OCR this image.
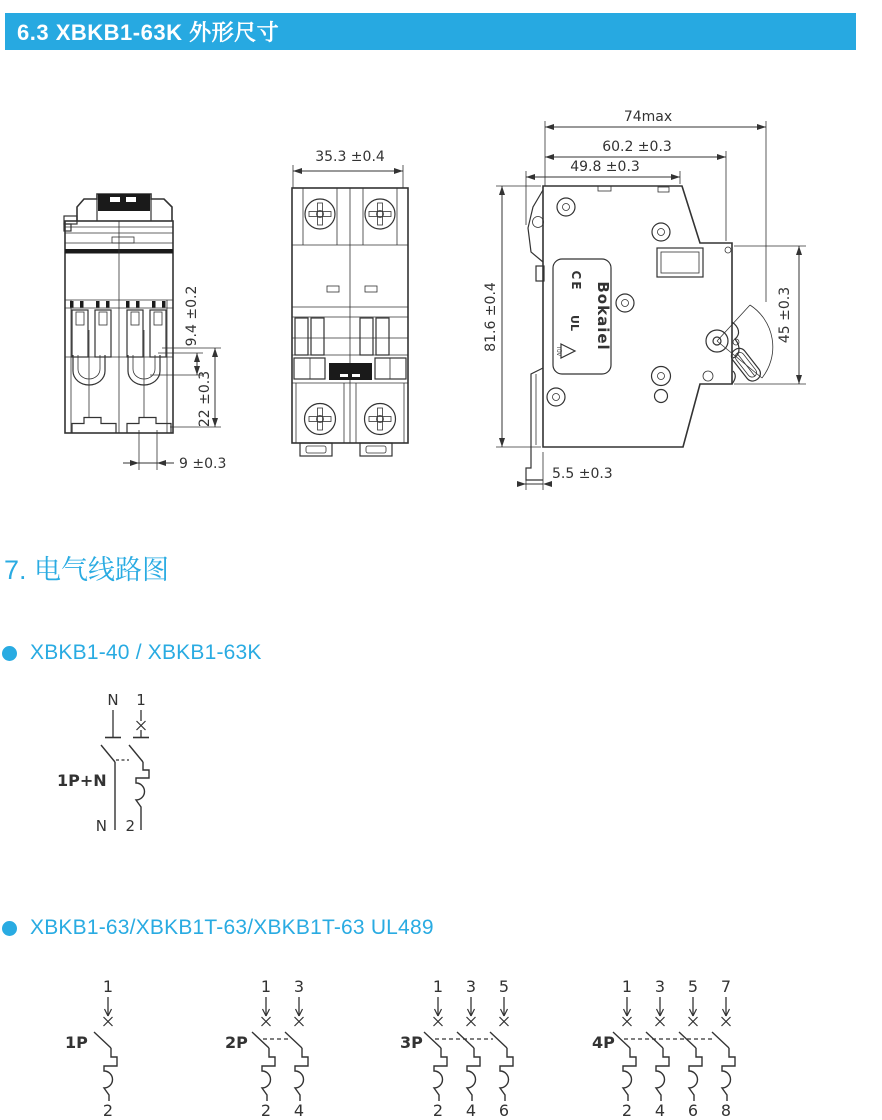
6.3 XBKB1-63K 外形尺寸
9.4 ±0.2
22 ±0.3
9 ±0.3
35.3 ±0.4
Bokaiel
CE
UL
TÜV
74max
60.2 ±0.3
49.8 ±0.3
81.6 ±0.4	45 ±0.3
5.5 ±0.3
7. 电气线路图
XBKB1-40 / XBKB1-63K
1P+N
N
N
1
2
XBKB1-63/XBKB1T-63/XBKB1T-63 UL489
1P
1
2
2P
1
2
3
4
3P
1
2
3
4
5
6
4P
1
2
3
4
5
6
7
8
